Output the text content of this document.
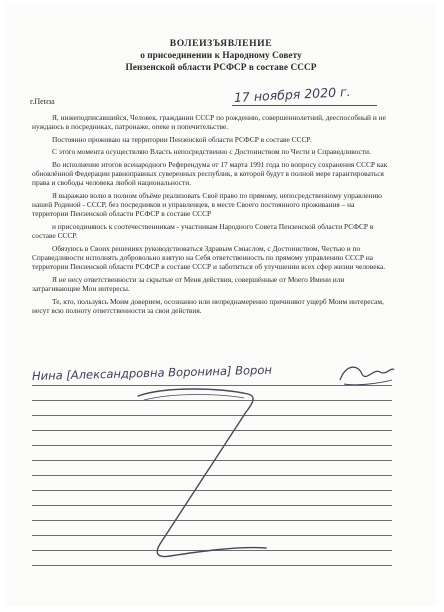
ВОЛЕИЗЪЯВЛЕНИЕ
о присоединении к Народному Совету
Пензенской области РСФСР в составе СССР
г.Пенза	17 ноября 2020 г.

Я, нижеподписавшийся, Человек, гражданин СССР по рождению, совершеннолетний, дееспособный и не нуждаюсь в посредниках, патронаже, опеке и попечительстве.

Постоянно проживаю на территории Пензенской области РСФСР в составе СССР.

С этого момента осуществляю Власть непосредственно с Достоинством по Чести и Справедливости.

Во исполнение итогов всенародного Референдума от 17 марта 1991 года по вопросу сохранения СССР как обновлённой Федерации равноправных суверенных республик, в которой будут в полной мере гарантироваться права и свободы человека любой национальности.

Я выражаю волю в полном объёме реализовать Своё право по прямому, непосредственному управлению нашей Родиной - СССР, без посредников и управленцев, в месте Своего постоянного проживания – на территории Пензенской области РСФСР в составе СССР

и присоединяюсь к соотечественникам - участникам Народного Совета Пензенской области РСФСР в составе СССР.

Обязуюсь в Своих решениях руководствоваться Здравым Смыслом, с Достоинством, Честью и по Справедливости исполнять добровольно взятую на Себя ответственность по прямому управлению СССР на территории Пензенской области РСФСР в составе СССР и заботиться об улучшении всех сфер жизни человека.

Я не несу ответственности за скрытые от Меня действия, совершённые от Моего Имени или затрагивающие Мои интересы.

Те, кто, пользуясь Моим доверием, осознанно или непреднамеренно причиняют ущерб Моим интересам, несут всю полноту ответственности за свои действия.

Нина [Александровна Воронина] Ворон
